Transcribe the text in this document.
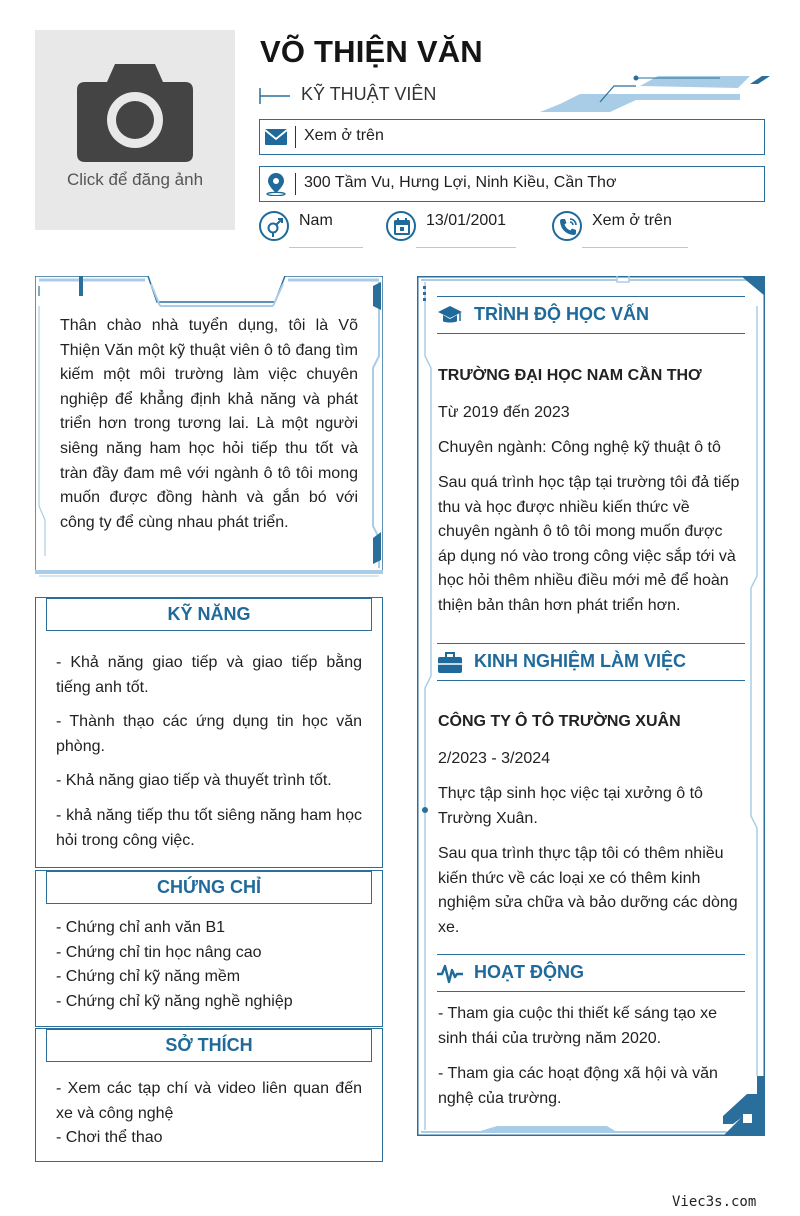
Click để đăng ảnh
VÕ THIỆN VĂN
KỸ THUẬT VIÊN
Xem ở trên
300 Tầm Vu, Hưng Lợi, Ninh Kiều, Cần Thơ
Nam	13/01/2001	Xem ở trên
Thân chào nhà tuyển dụng, tôi là Võ Thiện Văn một kỹ thuật viên ô tô đang tìm kiếm một môi trường làm việc chuyên nghiệp để khẳng định khả năng và phát triển hơn trong tương lai. Là một người siêng năng ham học hỏi tiếp thu tốt và tràn đầy đam mê với ngành ô tô tôi mong muốn được đồng hành và gắn bó với công ty để cùng nhau phát triển.
KỸ NĂNG
- Khả năng giao tiếp và giao tiếp bằng tiếng anh tốt.
- Thành thạo các ứng dụng tin học văn phòng.
- Khả năng giao tiếp và thuyết trình tốt.
- khả năng tiếp thu tốt siêng năng ham học hỏi trong công việc.
CHỨNG CHỈ
- Chứng chỉ anh văn B1
- Chứng chỉ tin học nâng cao
- Chứng chỉ kỹ năng mềm
- Chứng chỉ kỹ năng nghề nghiệp
SỞ THÍCH
- Xem các tạp chí và video liên quan đến xe và công nghệ
- Chơi thể thao
TRÌNH ĐỘ HỌC VẤN
TRƯỜNG ĐẠI HỌC NAM CẦN THƠ
Từ 2019 đến 2023
Chuyên ngành: Công nghệ kỹ thuật ô tô
Sau quá trình học tập tại trường tôi đả tiếp thu và học được nhiều kiến thức về chuyên ngành ô tô tôi mong muốn được áp dụng nó vào trong công việc sắp tới và học hỏi thêm nhiều điều mới mẻ để hoàn thiện bản thân hơn phát triển hơn.
KINH NGHIỆM LÀM VIỆC
CÔNG TY Ô TÔ TRƯỜNG XUÂN
2/2023 - 3/2024
Thực tập sinh học việc tại xưởng ô tô Trường Xuân.
Sau qua trình thực tập tôi có thêm nhiều kiến thức về các loại xe có thêm kinh nghiệm sửa chữa và bảo dưỡng các dòng xe.
HOẠT ĐỘNG
- Tham gia cuộc thi thiết kế sáng tạo xe sinh thái của trường năm 2020.
- Tham gia các hoạt động xã hội và văn nghệ của trường.
Viec3s.com
